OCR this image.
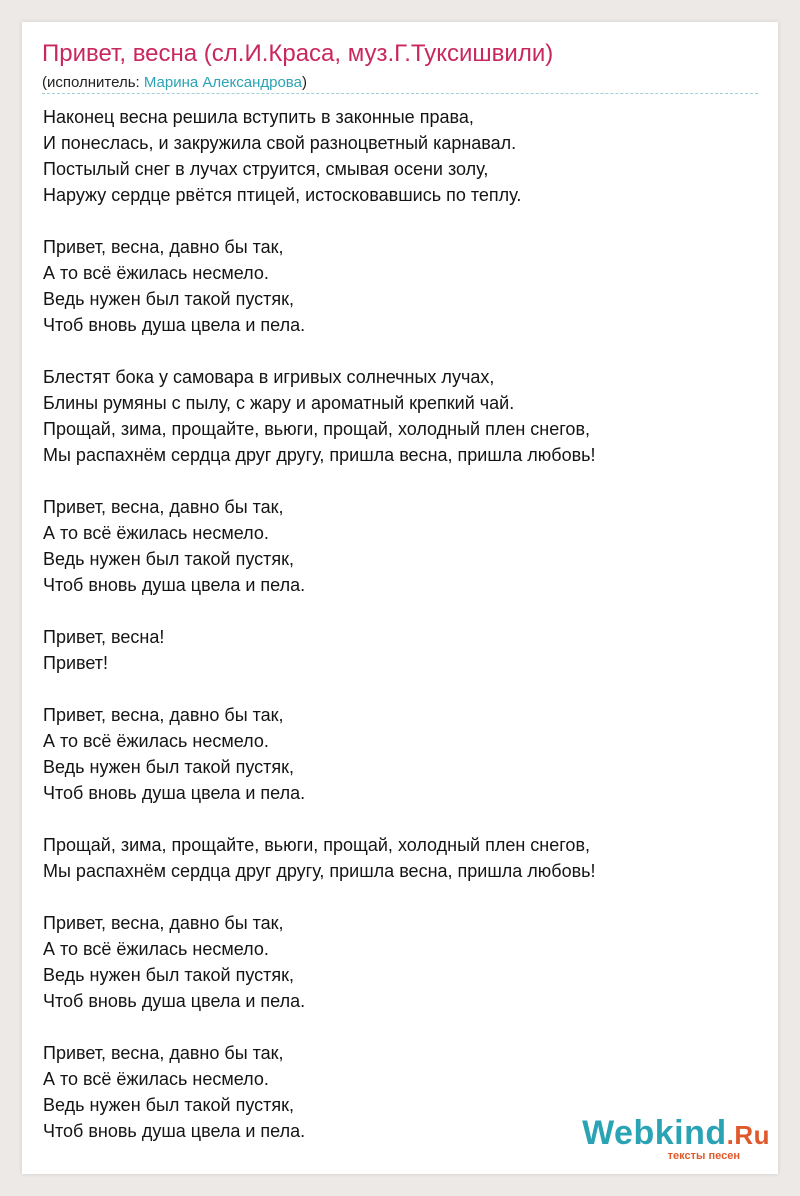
Привет, весна (сл.И.Краса, муз.Г.Туксишвили)
(исполнитель: Марина Александрова)
Наконец весна решила вступить в законные права,
И понеслась, и закружила свой разноцветный карнавал.
Постылый снег в лучах струится, смывая осени золу,
Наружу сердце рвётся птицей, истосковавшись по теплу.
Привет, весна, давно бы так,
А то всё ёжилась несмело.
Ведь нужен был такой пустяк,
Чтоб вновь душа цвела и пела.
Блестят бока у самовара в игривых солнечных лучах,
Блины румяны с пылу, с жару и ароматный крепкий чай.
Прощай, зима, прощайте, вьюги, прощай, холодный плен снегов,
Мы распахнём сердца друг другу, пришла весна, пришла любовь!
Привет, весна, давно бы так,
А то всё ёжилась несмело.
Ведь нужен был такой пустяк,
Чтоб вновь душа цвела и пела.
Привет, весна!
Привет!
Привет, весна, давно бы так,
А то всё ёжилась несмело.
Ведь нужен был такой пустяк,
Чтоб вновь душа цвела и пела.
Прощай, зима, прощайте, вьюги, прощай, холодный плен снегов,
Мы распахнём сердца друг другу, пришла весна, пришла любовь!
Привет, весна, давно бы так,
А то всё ёжилась несмело.
Ведь нужен был такой пустяк,
Чтоб вновь душа цвела и пела.
Привет, весна, давно бы так,
А то всё ёжилась несмело.
Ведь нужен был такой пустяк,
Чтоб вновь душа цвела и пела.	Webkind.Ru
тексты песен
